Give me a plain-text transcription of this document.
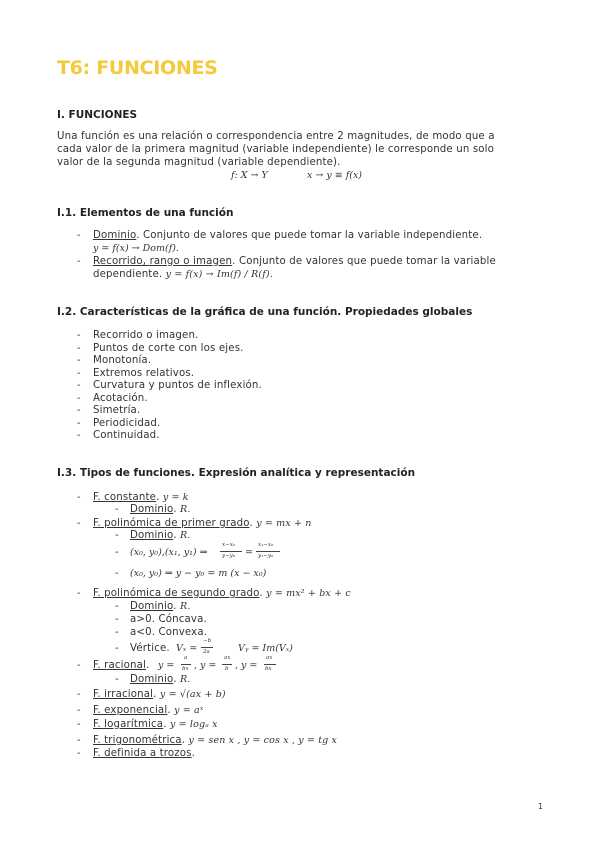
T6: FUNCIONES
I. FUNCIONES
Una función es una relación o correspondencia entre 2 magnitudes, de modo que a
cada valor de la primera magnitud (variable independiente) le corresponde un solo
valor de la segunda magnitud (variable dependiente).
f: X → Y	x → y ≡ f(x)
I.1. Elementos de una función
- Dominio. Conjunto de valores que puede tomar la variable independiente.
y = f(x) → Dom(f).
- Recorrido, rango o imagen. Conjunto de valores que puede tomar la variable
dependiente. y = f(x) → Im(f) / R(f).
I.2. Características de la gráfica de una función. Propiedades globales
I.3. Tipos de funciones. Expresión analítica y representación
- F. constante. y = k
- Dominio. R.
- F. polinómica de primer grado. y = mx + n
- Dominio. R.
- (x₀, y₀),(x₁, y₁) ⇒
x−x₀
y−y₀ =
x₁−x₀
y₁−y₀
- (x₀, y₀) ⇒ y − y₀ = m (x − x₀)
- F. polinómica de segundo grado. y = mx² + bx + c
- Dominio. R.
- a>0. Cóncava.
- a<0. Convexa.
- Vértice. Vₓ =
−b
2a	Vᵧ = Im(Vₓ)
- F. racional. y =
a
bx , y =
ax
b , y =
ax
bx
- Dominio. R.
- F. irracional. y = √(ax + b)
- F. exponencial. y = aˣ
- F. logarítmica. y = logₐ x
- F. trigonométrica. y = sen x , y = cos x , y = tg x
- F. definida a trozos.
1
- Recorrido o imagen.
- Puntos de corte con los ejes.
- Monotonía.
- Extremos relativos.
- Curvatura y puntos de inflexión.
- Acotación.
- Simetría.
- Periodicidad.
- Continuidad.
